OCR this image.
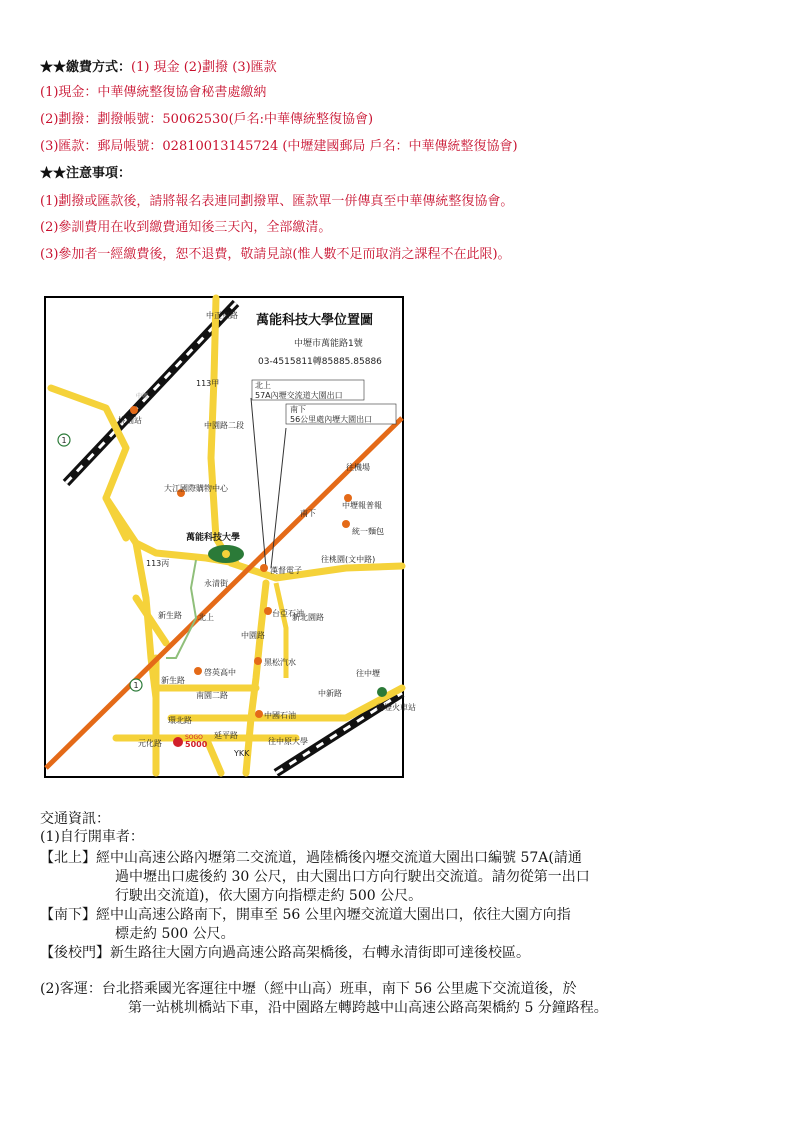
★★繳費方式：(1) 現金 (2)劃撥 (3)匯款
(1)現金：中華傳統整復協會秘書處繳納
(2)劃撥：劃撥帳號：50062530(戶名:中華傳統整復協會)
(3)匯款：郵局帳號：02810013145724 (中壢建國郵局 戶名：中華傳統整復協會)
★★注意事項：
(1)劃撥或匯款後，請將報名表連同劃撥單、匯款單一併傳真至中華傳統整復協會。
(2)參訓費用在收到繳費通知後三天內，全部繳清。
(3)參加者一經繳費後，恕不退費，敬請見諒(惟人數不足而取消之課程不在此限)。
萬能科技大學位置圖
中壢市萬能路1號
03-4515811轉85885.85886
北上
57A內壢交流道大園出口
南下
56公里處內壢大園出口
中正東路
113甲
中園路二段
桃園站
大江國際購物中心
萬能科技大學
113丙
永清街
新生路
新生路
往機場
中壢報普報
統一麵包
南下
往桃園(文中路)
漢督電子
台亞石油
新北園路
北上
中園路
黑松汽水
啓英高中
南園二路
往中壢
中新路
中國石油
內壢火車站
環北路
元化路
延平路
往中原大學
YKK
1
1
SOGO
5000
中壢
交通資訊：
(1)自行開車者：
【北上】經中山高速公路內壢第二交流道，過陸橋後內壢交流道大園出口編號 57A(請通
過中壢出口處後約 30 公尺，由大園出口方向行駛出交流道。請勿從第一出口
行駛出交流道)，依大園方向指標走約 500 公尺。
【南下】經中山高速公路南下，開車至 56 公里內壢交流道大園出口，依往大園方向指
標走約 500 公尺。
【後校門】新生路往大園方向過高速公路高架橋後，右轉永清街即可達後校區。
(2)客運：台北搭乘國光客運往中壢（經中山高）班車，南下 56 公里處下交流道後，於
第一站桃圳橋站下車，沿中園路左轉跨越中山高速公路高架橋約 5 分鐘路程。
